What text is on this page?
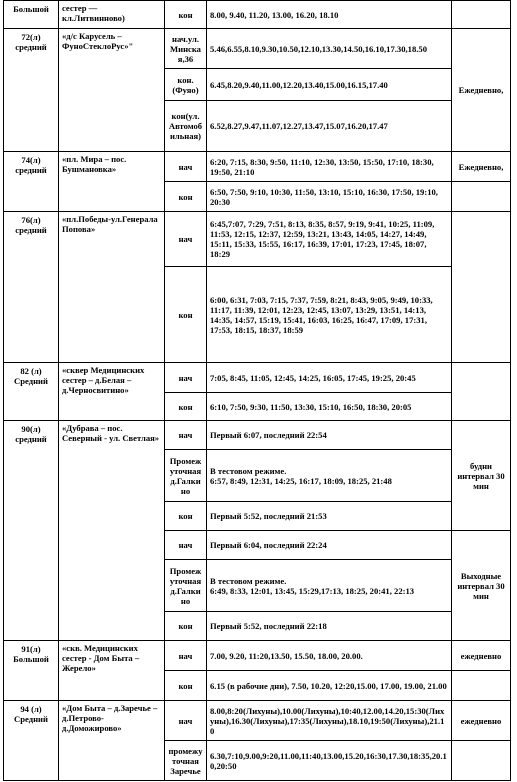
Большой	сестер — кл.Литвинново)	кон	8.00, 9.40, 11.20, 13.00, 16.20, 18.10	

72(л)
средний	«д/с Карусель – ФуноСтеклоРус»"	нач.ул. Минская,36	5.46,6.55,8.10,9.30,10.50,12.10,13.30,14.50,16.10,17.30,18.50	Ежедневно,
		кон.(Фуяо)	6.45,8.20,9.40,11.00,12.20,13.40,15.00,16.15,17.40	
		кон(ул. Автомобильная)	6.52,8.27,9.47,11.07,12.27,13.47,15.07,16.20,17.47	

74(л)
средний	«пл. Мира – пос. Бушмановка»	нач	6:20, 7:15, 8:30, 9:50, 11:10, 12:30, 13:50, 15:50, 17:10, 18:30, 19:50, 21:10	Ежедневно,
		кон	6:50, 7:50, 9:10, 10:30, 11:50, 13:10, 15:10, 16:30, 17:50, 19:10, 20:30	

76(л)
средний	«пл.Победы-ул.Генерала Попова»	нач	6:45,7:07, 7:29, 7:51, 8:13, 8:35, 8:57, 9:19, 9:41, 10:25, 11:09, 11:53, 12:15, 12:37, 12:59, 13:21, 13:43, 14:05, 14:27, 14:49, 15:11, 15:33, 15:55, 16:17, 16:39, 17:01, 17:23, 17:45, 18:07, 18:29	
		кон	6:00, 6:31, 7:03, 7:15, 7:37, 7:59, 8:21, 8:43, 9:05, 9:49, 10:33, 11:17, 11:39, 12:01, 12:23, 12:45, 13:07, 13:29, 13:51, 14:13, 14:35, 14:57, 15:19, 15:41, 16:03, 16:25, 16:47, 17:09, 17:31, 17:53, 18:15, 18:37, 18:59	

82 (л)
Средний	«сквер Медицинских сестер – д.Белая – д.Черносвитино»	нач	7:05, 8:45, 11:05, 12:45, 14:25, 16:05, 17:45, 19:25, 20:45	
		кон	6:10, 7:50, 9:30, 11:50, 13:30, 15:10, 16:50, 18:30, 20:05	

90(л)
средний	«Дубрава – пос. Северный - ул. Светлая»	нач	Первый 6:07, последний 22:54	будни интервал 30 мин
		Промежуточная д.Галкино	В тестовом режиме.
6:57, 8:49, 12:31, 14:25, 16:17, 18:09, 18:25, 21:48	

		кон	Первый 5:52, последний 21:53	
		нач	Первый 6:04, последний 22:24	Выходные интервал 30 мин
		Промежуточная д.Галкино	В тестовом режиме.
6:49, 8:33, 12:01, 13:45, 15:29,17:13, 18:25, 20:41, 22:13	

		кон	Первый 5:52, последний 22:18	

91(л)
Большой	«скв. Медицинских сестер - Дом Быта – Жерело»	нач	7.00, 9.20, 11:20,13.50, 15.50, 18.00, 20.00.	ежедневно
		кон	6.15 (в рабочие дни), 7.50, 10.20, 12:20,15.00, 17.00, 19.00, 21.00	

94 (л)
Средний	«Дом Быта – д.Заречье – д.Петрово-д.Доможирово»	нач	8.00,8:20(Лихуны),10.00(Лихуны),10:40,12.00,14.20,15:30(Лихуны),16.30(Лихуны),17:35(Лихуны),18.10,19:50(Лихуны),21.10	ежедневно
		промежуточная Заречье	6.30,7:10,9.00,9:20,11.00,11:40,13.00,15.20,16:30,17.30,18:35,20.10,20:50	
